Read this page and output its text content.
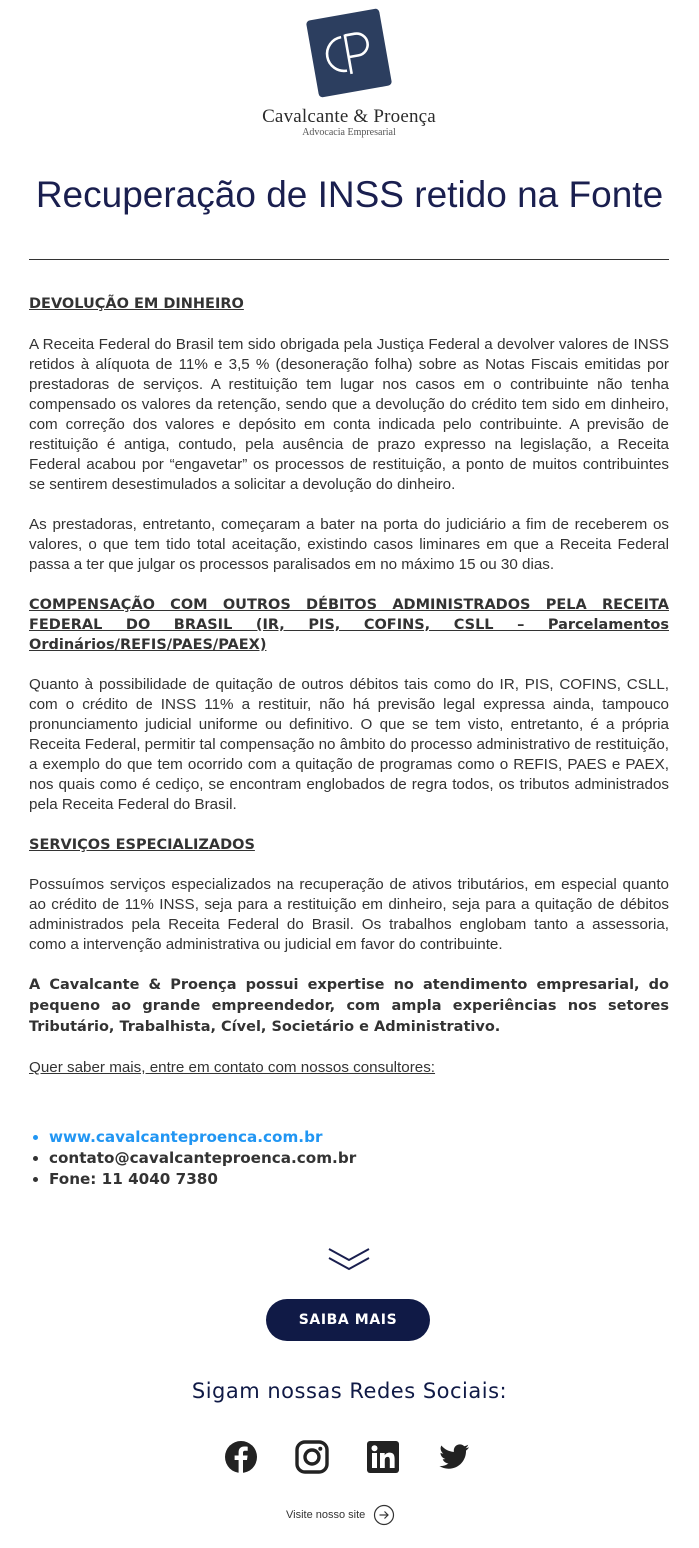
Cavalcante & Proença
Advocacia Empresarial
Recuperação de INSS retido na Fonte

DEVOLUÇÃO EM DINHEIRO

A Receita Federal do Brasil tem sido obrigada pela Justiça Federal a devolver valores de INSS retidos à alíquota de 11% e 3,5 % (desoneração folha) sobre as Notas Fiscais emitidas por prestadoras de serviços. A restituição tem lugar nos casos em o contribuinte não tenha compensado os valores da retenção, sendo que a devolução do crédito tem sido em dinheiro, com correção dos valores e depósito em conta indicada pelo contribuinte. A previsão de restituição é antiga, contudo, pela ausência de prazo expresso na legislação, a Receita Federal acabou por “engavetar” os processos de restituição, a ponto de muitos contribuintes se sentirem desestimulados a solicitar a devolução do dinheiro.

As prestadoras, entretanto, começaram a bater na porta do judiciário a fim de receberem os valores, o que tem tido total aceitação, existindo casos liminares em que a Receita Federal passa a ter que julgar os processos paralisados em no máximo 15 ou 30 dias.

COMPENSAÇÃO COM OUTROS DÉBITOS ADMINISTRADOS PELA RECEITA FEDERAL DO BRASIL (IR, PIS, COFINS, CSLL – Parcelamentos Ordinários/REFIS/PAES/PAEX)

Quanto à possibilidade de quitação de outros débitos tais como do IR, PIS, COFINS, CSLL, com o crédito de INSS 11% a restituir, não há previsão legal expressa ainda, tampouco pronunciamento judicial uniforme ou definitivo. O que se tem visto, entretanto, é a própria Receita Federal, permitir tal compensação no âmbito do processo administrativo de restituição, a exemplo do que tem ocorrido com a quitação de programas como o REFIS, PAES e PAEX, nos quais como é cediço, se encontram englobados de regra todos, os tributos administrados pela Receita Federal do Brasil.

SERVIÇOS ESPECIALIZADOS

Possuímos serviços especializados na recuperação de ativos tributários, em especial quanto ao crédito de 11% INSS, seja para a restituição em dinheiro, seja para a quitação de débitos administrados pela Receita Federal do Brasil. Os trabalhos englobam tanto a assessoria, como a intervenção administrativa ou judicial em favor do contribuinte.

A Cavalcante & Proença possui expertise no atendimento empresarial, do pequeno ao grande empreendedor, com ampla experiências nos setores Tributário, Trabalhista, Cível, Societário e Administrativo.

Quer saber mais, entre em contato com nossos consultores:

• www.cavalcanteproenca.com.br
• contato@cavalcanteproenca.com.br
• Fone: 11 4040 7380
SAIBA MAIS
Sigam nossas Redes Sociais:
Visite nosso site
